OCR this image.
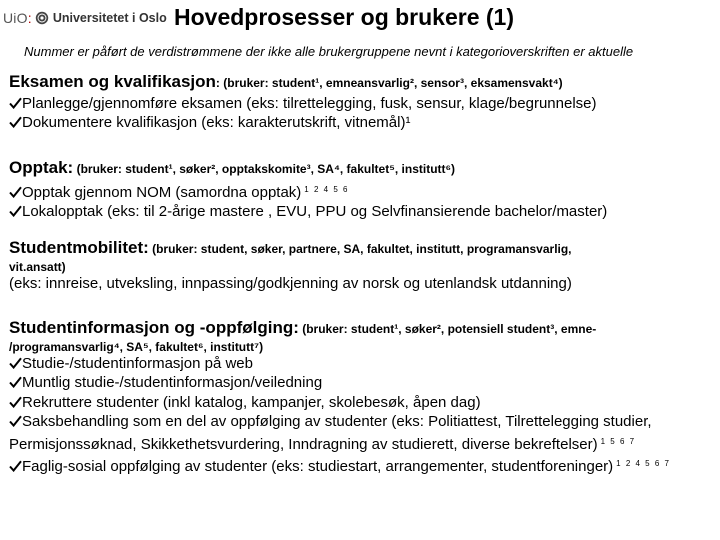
UiO: Universitetet i Oslo Hovedprosesser og brukere (1)
Nummer er påført de verdistrømmene der ikke alle brukergruppene nevnt i kategorioverskriften er aktuelle
Eksamen og kvalifikasjon: (bruker: student¹, emneansvarlig², sensor³, eksamensvakt⁴)
Planlegge/gjennomføre eksamen (eks: tilrettelegging, fusk, sensur, klage/begrunnelse)
Dokumentere kvalifikasjon (eks: karakterutskrift, vitnemål)¹
Opptak: (bruker: student¹, søker², opptakskomite³, SA⁴, fakultet⁵, institutt⁶)
Opptak gjennom NOM (samordna opptak) $^{1 2 4 5 6}$
Lokalopptak (eks: til 2-årige mastere , EVU, PPU og Selvfinansierende bachelor/master)
Studentmobilitet: (bruker: student, søker, partnere, SA, fakultet, institutt, programansvarlig,
vit.ansatt)
(eks: innreise, utveksling, innpassing/godkjenning av norsk og utenlandsk utdanning)
Studentinformasjon og -oppfølging: (bruker: student¹, søker², potensiell student³, emne-
/programansvarlig⁴, SA⁵, fakultet⁶, institutt⁷)
Studie-/studentinformasjon på web
Muntlig studie-/studentinformasjon/veiledning
Rekruttere studenter (inkl katalog, kampanjer, skolebesøk, åpen dag)
Saksbehandling som en del av oppfølging av studenter (eks: Politiattest, Tilrettelegging studier,
Permisjonssøknad, Skikkethetsvurdering, Inndragning av studierett, diverse bekreftelser) $^{1 5 6 7}$
Faglig-sosial oppfølging av studenter (eks: studiestart, arrangementer, studentforeninger) $^{1 2 4 5 6 7}$
